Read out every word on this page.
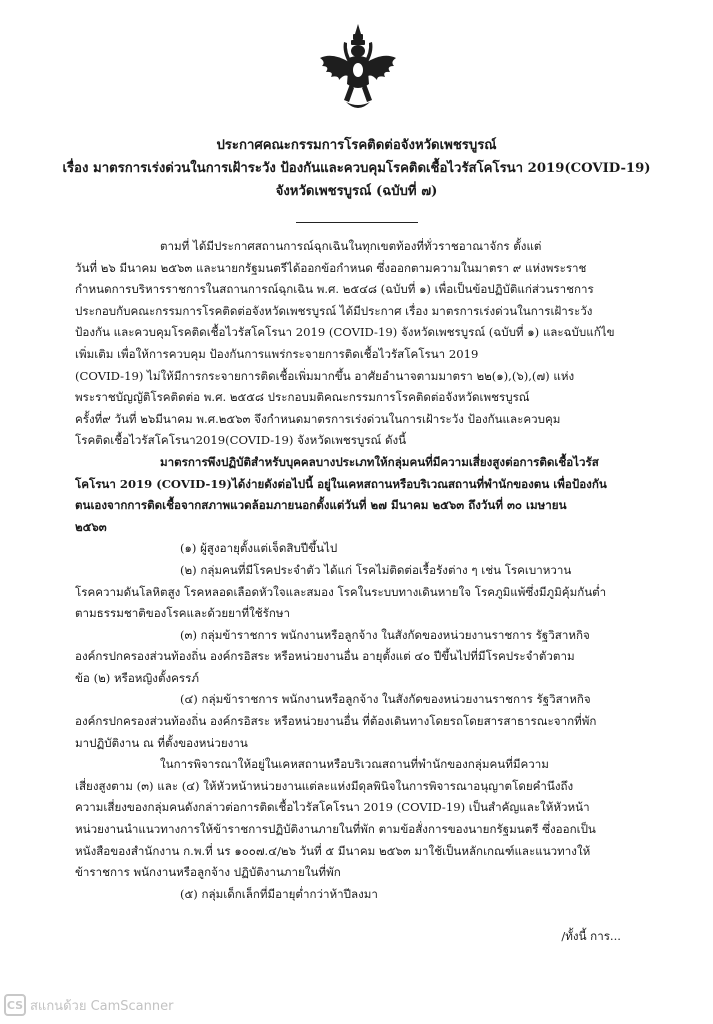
ประกาศคณะกรรมการโรคติดต่อจังหวัดเพชรบูรณ์
เรื่อง มาตรการเร่งด่วนในการเฝ้าระวัง ป้องกันและควบคุมโรคติดเชื้อไวรัสโคโรนา 2019(COVID-19)
จังหวัดเพชรบูรณ์ (ฉบับที่ ๗)

ตามที่ ได้มีประกาศสถานการณ์ฉุกเฉินในทุกเขตท้องที่ทั่วราชอาณาจักร ตั้งแต่
วันที่ ๒๖ มีนาคม ๒๕๖๓ และนายกรัฐมนตรีได้ออกข้อกำหนด ซึ่งออกตามความในมาตรา ๙ แห่งพระราช
กำหนดการบริหารราชการในสถานการณ์ฉุกเฉิน พ.ศ. ๒๕๔๘ (ฉบับที่ ๑) เพื่อเป็นข้อปฏิบัติแก่ส่วนราชการ
ประกอบกับคณะกรรมการโรคติดต่อจังหวัดเพชรบูรณ์ ได้มีประกาศ เรื่อง มาตรการเร่งด่วนในการเฝ้าระวัง
ป้องกัน และควบคุมโรคติดเชื้อไวรัสโคโรนา 2019 (COVID-19) จังหวัดเพชรบูรณ์ (ฉบับที่ ๑) และฉบับแก้ไข
เพิ่มเติม เพื่อให้การควบคุม ป้องกันการแพร่กระจายการติดเชื้อไวรัสโคโรนา 2019
(COVID-19) ไม่ให้มีการกระจายการติดเชื้อเพิ่มมากขึ้น อาศัยอำนาจตามมาตรา ๒๒(๑),(๖),(๗) แห่ง
พระราชบัญญัติโรคติดต่อ พ.ศ. ๒๕๕๘ ประกอบมติคณะกรรมการโรคติดต่อจังหวัดเพชรบูรณ์
ครั้งที่๙ วันที่ ๒๖มีนาคม พ.ศ.๒๕๖๓ จึงกำหนดมาตรการเร่งด่วนในการเฝ้าระวัง ป้องกันและควบคุม
โรคติดเชื้อไวรัสโคโรนา2019(COVID-19) จังหวัดเพชรบูรณ์ ดังนี้

มาตรการพึงปฏิบัติสำหรับบุคคลบางประเภทให้กลุ่มคนที่มีความเสี่ยงสูงต่อการติดเชื้อไวรัส
โคโรนา 2019 (COVID-19)ได้ง่ายดังต่อไปนี้ อยู่ในเคหสถานหรือบริเวณสถานที่พำนักของตน เพื่อป้องกัน
ตนเองจากการติดเชื้อจากสภาพแวดล้อมภายนอกตั้งแต่วันที่ ๒๗ มีนาคม ๒๕๖๓ ถึงวันที่ ๓๐ เมษายน
๒๕๖๓

(๑) ผู้สูงอายุตั้งแต่เจ็ดสิบปีขึ้นไป

(๒) กลุ่มคนที่มีโรคประจำตัว ได้แก่ โรคไม่ติดต่อเรื้อรังต่าง ๆ เช่น โรคเบาหวาน
โรคความดันโลหิตสูง โรคหลอดเลือดหัวใจและสมอง โรคในระบบทางเดินหายใจ โรคภูมิแพ้ซึ่งมีภูมิคุ้มกันต่ำ
ตามธรรมชาติของโรคและด้วยยาที่ใช้รักษา

(๓) กลุ่มข้าราชการ พนักงานหรือลูกจ้าง ในสังกัดของหน่วยงานราชการ รัฐวิสาหกิจ
องค์กรปกครองส่วนท้องถิ่น องค์กรอิสระ หรือหน่วยงานอื่น อายุตั้งแต่ ๔๐ ปีขึ้นไปที่มีโรคประจำตัวตาม
ข้อ (๒) หรือหญิงตั้งครรภ์

(๔) กลุ่มข้าราชการ พนักงานหรือลูกจ้าง ในสังกัดของหน่วยงานราชการ รัฐวิสาหกิจ
องค์กรปกครองส่วนท้องถิ่น องค์กรอิสระ หรือหน่วยงานอื่น ที่ต้องเดินทางโดยรถโดยสารสาธารณะจากที่พัก
มาปฏิบัติงาน ณ ที่ตั้งของหน่วยงาน

ในการพิจารณาให้อยู่ในเคหสถานหรือบริเวณสถานที่พำนักของกลุ่มคนที่มีความ
เสี่ยงสูงตาม (๓) และ (๔) ให้หัวหน้าหน่วยงานแต่ละแห่งมีดุลพินิจในการพิจารณาอนุญาตโดยคำนึงถึง
ความเสี่ยงของกลุ่มคนดังกล่าวต่อการติดเชื้อไวรัสโคโรนา 2019 (COVID-19) เป็นสำคัญและให้หัวหน้า
หน่วยงานนำแนวทางการให้ข้าราชการปฏิบัติงานภายในที่พัก ตามข้อสั่งการของนายกรัฐมนตรี ซึ่งออกเป็น
หนังสือของสำนักงาน ก.พ.ที่ นร ๑๐๐๗.๔/๒๖ วันที่ ๕ มีนาคม ๒๕๖๓ มาใช้เป็นหลักเกณฑ์และแนวทางให้
ข้าราชการ พนักงานหรือลูกจ้าง ปฏิบัติงานภายในที่พัก

(๕) กลุ่มเด็กเล็กที่มีอายุต่ำกว่าห้าปีลงมา

/ทั้งนี้ การ...
CS สแกนด้วย CamScanner
